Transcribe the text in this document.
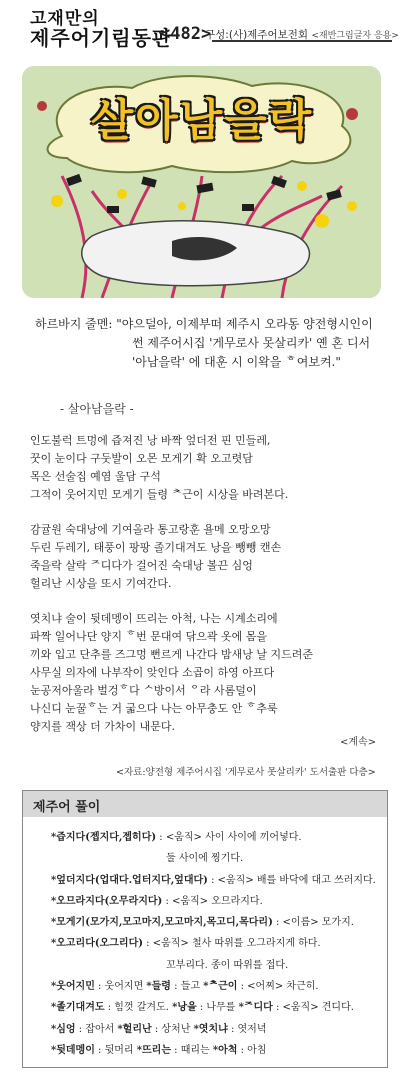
고재만의
제주어기림동판
<482>
구성:(사)제주어보전회 <재반그림글자 응용>
살아남을락
하르바지 줄멘: "야으덜아, 이제부떠 제주시 오라동 양전형시인이
썬 제주어시집 '게무로사 못살리카' 옌 혼 디서
'아남을락' 에 대훈 시 이왁을 ᄒ여보켜."
- 살아남을락 -
인도불럭 트멍에 즙져진 낭 바짝 엎더전 핀 민들레,
꿋이 눈이다 구둣발이 오몬 모게기 확 오고렷담
목은 선술집 예염 울담 구석
그적이 웃어지민 모게기 들령 ᄎ근이 시상을 바려본다.
감귤원 숙대낭에 기여올라 통고랑훈 욜메 오망오망
두린 두레기, 태풍이 팡팡 졸기대겨도 낭을 뺑뺑 캔손
죽을락 살락 ᄌ디다가 걸어진 숙대낭 볼끈 심엉
헐리난 시상을 또시 기여간다.
엿치냐 술이 뒷데멩이 뜨리는 아척, 나는 시계소리에
파짝 일어나단 양지 ᄒ번 문대여 닦으곽 옷에 몸을
끼와 입고 단추를 즈그멍 뻔르게 나간다 밤새낭 날 지드려준
사무실 의자에 나부작이 앚인다 소곱이 하영 아프다
눈공저아울라 벌겅ᄒ다 ᄉ방이서 ᄋ라 사롬덜이
나신디 눈꿀ᄒ는 거 굷으다 나는 아무충도 안 ᄒ추룩
양지를 잭상 더 가차이 내문다.
<계속>
<자료:양전형 제주어시집 '게무로사 못살리카' 도서출판 다층>
제주어 풀이
*즙지다(젭지다,젭히다) : <움직> 사이 사이에 끼어넣다.
둘 사이에 찡기다.
*엎더지다(업대다.업터지다,엎대다) : <움직> 배를 바닥에 대고 쓰러지다.
*오므라지다(오무라지다) : <움직> 오므라지다.
*모게기(모가지,모고마지,모고마지,목고디,목다리) : <이름> 모가지.
*오고리다(오그리다) : <움직> 철사 따위를 오그라지게 하다.
꼬부리다. 종이 따위를 접다.
*웃어지민 : 웃어지면 *들령 : 들고 *ᄎ근이 : <어찌> 차근히.
*졸기대겨도 : 힘껏 갈겨도. *낭을 : 나무를 *ᄌ디다 : <움직> 견디다.
*심엉 : 잡아서 *헐리난 : 상처난 *엿치냐 : 엿저녁
*뒷데멩이 : 뒷머리 *뜨리는 : 때리는 *아척 : 아침
